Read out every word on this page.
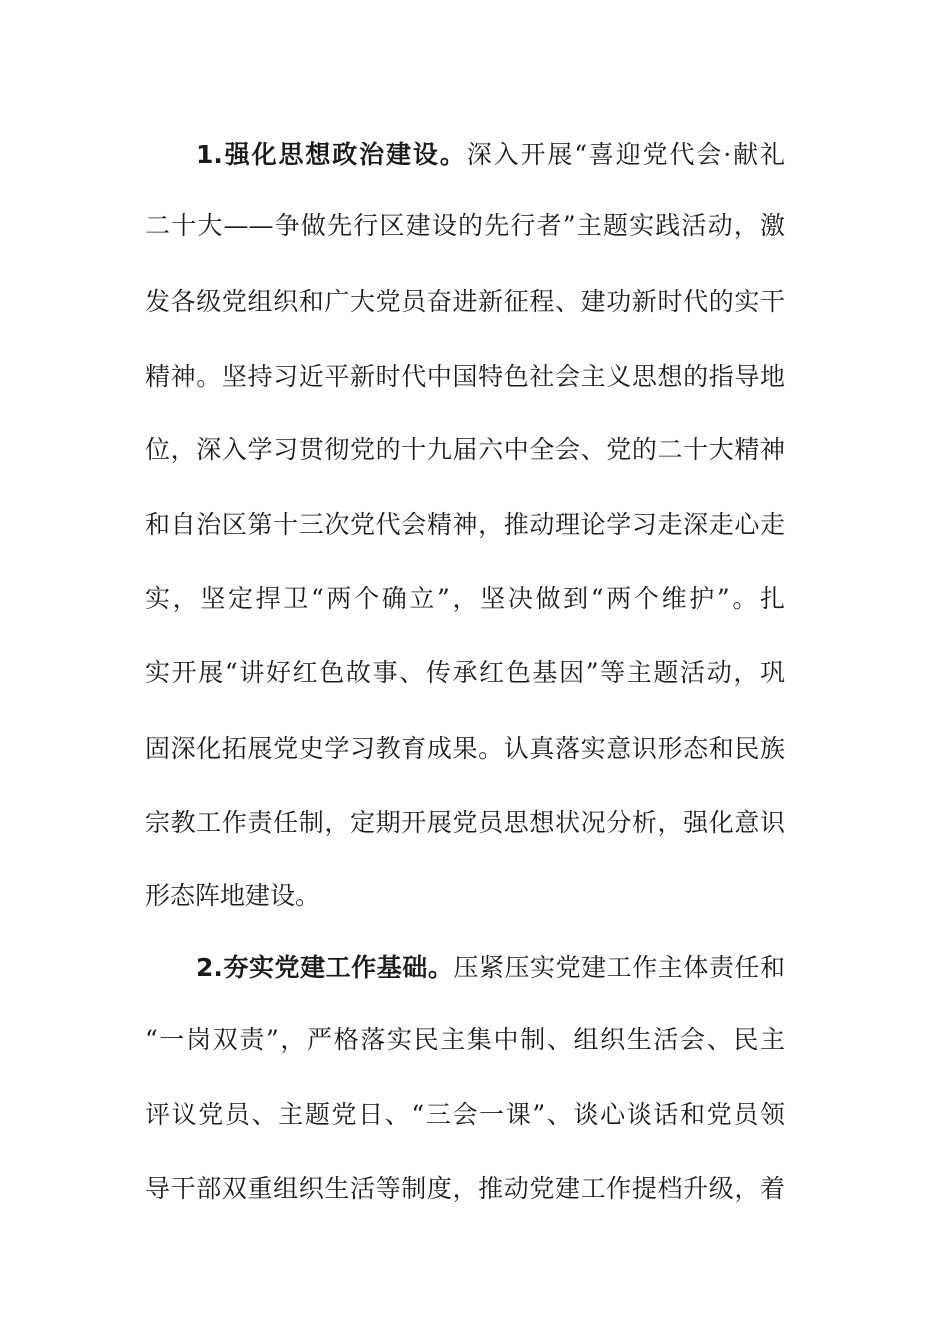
1.强化思想政治建设。深入开展“喜迎党代会·献礼
二十大——争做先行区建设的先行者”主题实践活动，激
发各级党组织和广大党员奋进新征程、建功新时代的实干
精神。坚持习近平新时代中国特色社会主义思想的指导地
位，深入学习贯彻党的十九届六中全会、党的二十大精神
和自治区第十三次党代会精神，推动理论学习走深走心走
实，坚定捍卫“两个确立”，坚决做到“两个维护”。扎
实开展“讲好红色故事、传承红色基因”等主题活动，巩
固深化拓展党史学习教育成果。认真落实意识形态和民族
宗教工作责任制，定期开展党员思想状况分析，强化意识
形态阵地建设。
2.夯实党建工作基础。压紧压实党建工作主体责任和
“一岗双责”，严格落实民主集中制、组织生活会、民主
评议党员、主题党日、“三会一课”、谈心谈话和党员领
导干部双重组织生活等制度，推动党建工作提档升级，着
